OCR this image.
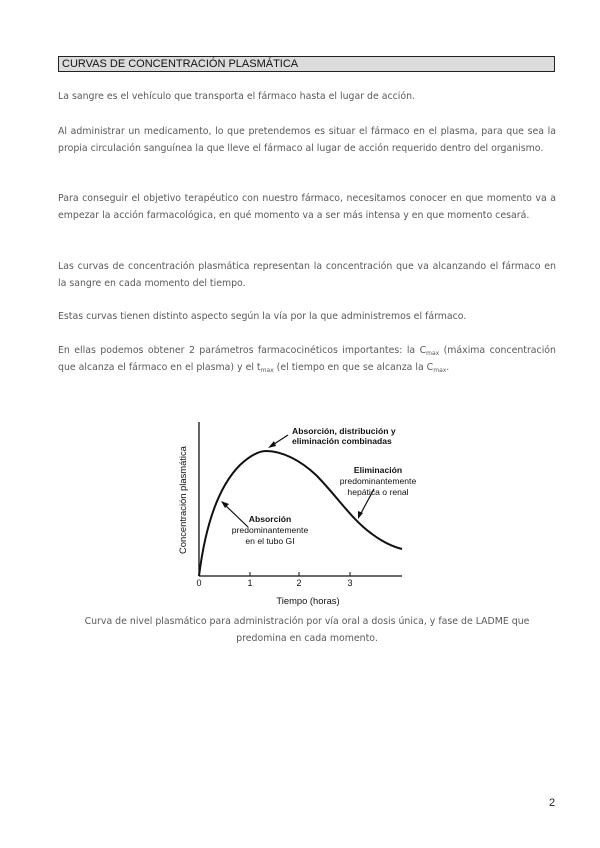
CURVAS DE CONCENTRACIÓN PLASMÁTICA

La sangre es el vehículo que transporta el fármaco hasta el lugar de acción.

Al administrar un medicamento, lo que pretendemos es situar el fármaco en el plasma, para que sea la propia circulación sanguínea la que lleve el fármaco al lugar de acción requerido dentro del organismo.

Para conseguir el objetivo terapéutico con nuestro fármaco, necesitamos conocer en que momento va a empezar la acción farmacológica, en qué momento va a ser más intensa y en que momento cesará.

Las curvas de concentración plasmática representan la concentración que va alcanzando el fármaco en la sangre en cada momento del tiempo.

Estas curvas tienen distinto aspecto según la vía por la que administremos el fármaco.

En ellas podemos obtener 2 parámetros farmacocinéticos importantes: la $C_{max}$ (máxima concentración que alcanza el fármaco en el plasma) y el $t_{max}$ (el tiempo en que se alcanza la $C_{max}$.

Concentración plasmática
Tiempo (horas)
0	1	2	3
Absorción, distribución y
eliminación combinadas
Eliminación
predominantemente
hepática o renal
Absorción
predominantemente
en el tubo GI

Curva de nivel plasmático para administración por vía oral a dosis única, y fase de LADME que predomina en cada momento.

2
